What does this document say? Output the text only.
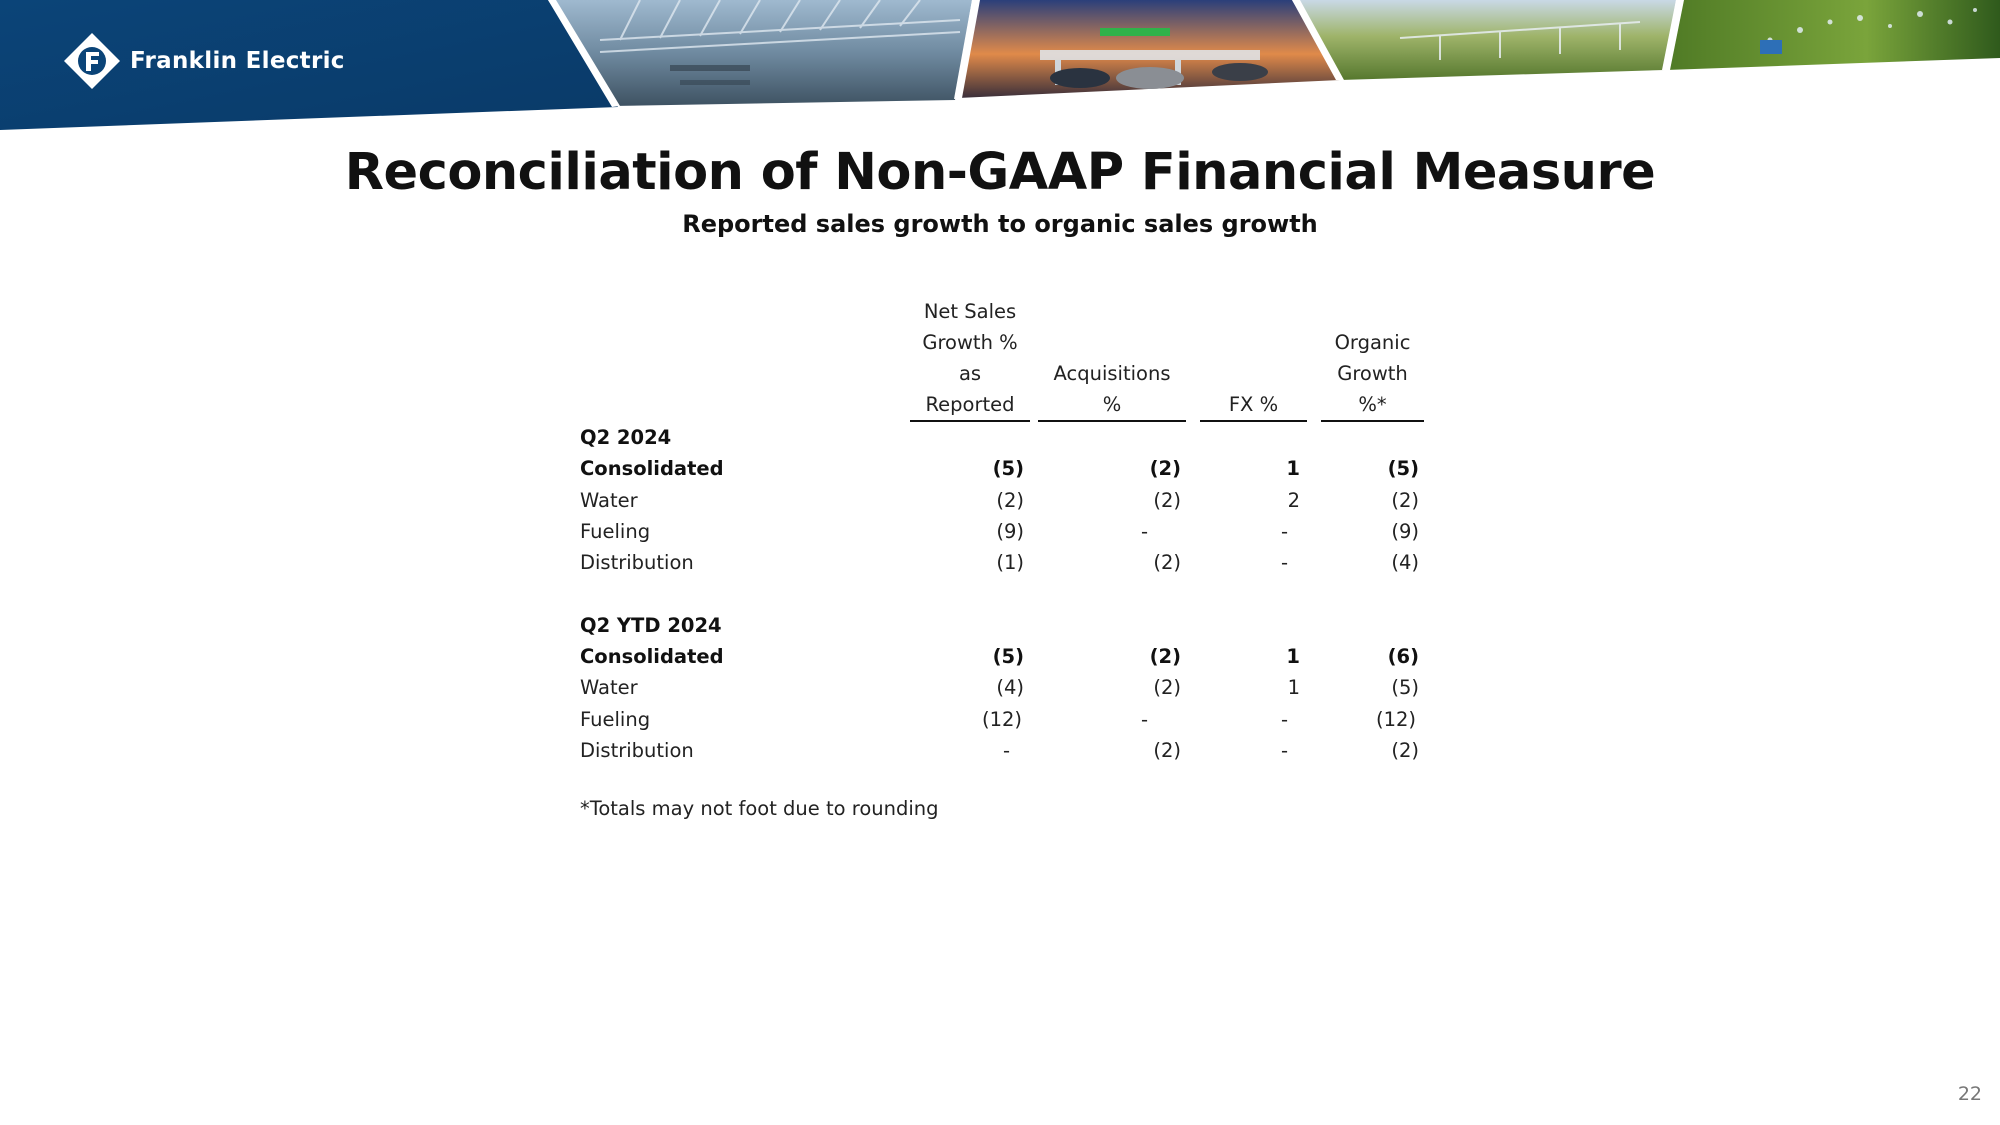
Franklin Electric
Reconciliation of Non-GAAP Financial Measure
Reported sales growth to organic sales growth
Net Sales
Growth %
as
Reported
Acquisitions
%	FX %
Organic
Growth
%*
Q2 2024
Consolidated	(5)	(2)	1	(5)
Water	(2)	(2)	2	(2)
Fueling	(9)	-	-	(9)
Distribution	(1)	(2)	-	(4)
Q2 YTD 2024
Consolidated	(5)	(2)	1	(6)
Water	(4)	(2)	1	(5)
Fueling	(12)	-	-	(12)
Distribution	-	(2)	-	(2)
*Totals may not foot due to rounding
22
